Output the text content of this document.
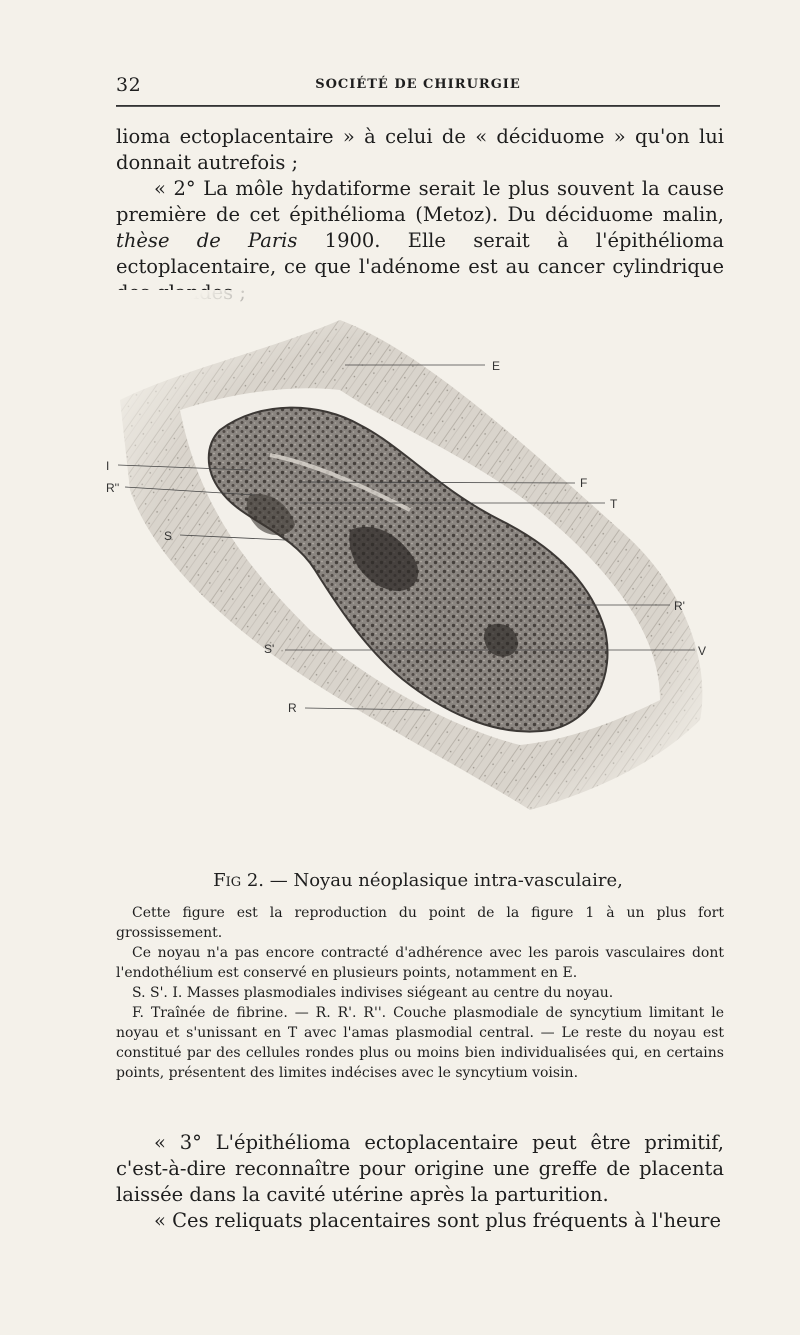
32	SOCIÉTÉ DE CHIRURGIE

lioma ectoplacentaire » à celui de « déciduome » qu'on lui donnait autrefois ;

« 2° La môle hydatiforme serait le plus souvent la cause première de cet épithélioma (Metoz). Du déciduome malin, thèse de Paris 1900. Elle serait à l'épithélioma ectoplacentaire, ce que l'adénome est au cancer cylindrique

E
I
R''	F
T
S
R'
S'	V
R
Fig 2. — Noyau néoplasique intra-vasculaire,

Cette figure est la reproduction du point de la figure 1 à un plus fort grossissement.

Ce noyau n'a pas encore contracté d'adhérence avec les parois vasculaires dont l'endothélium est conservé en plusieurs points, notamment en E.

S. S'. I. Masses plasmodiales indivises siégeant au centre du noyau.

F. Traînée de fibrine. — R. R'. R''. Couche plasmodiale de syncytium limitant le noyau et s'unissant en T avec l'amas plasmodial central. — Le reste du noyau est constitué par des cellules rondes plus ou moins bien individualisées qui, en certains points, présentent des limites indécises avec le syncytium voisin.

« 3° L'épithélioma ectoplacentaire peut être primitif, c'est-à-dire reconnaître pour origine une greffe de placenta laissée dans la cavité utérine après la parturition.

« Ces reliquats placentaires sont plus fréquents à l'heure
